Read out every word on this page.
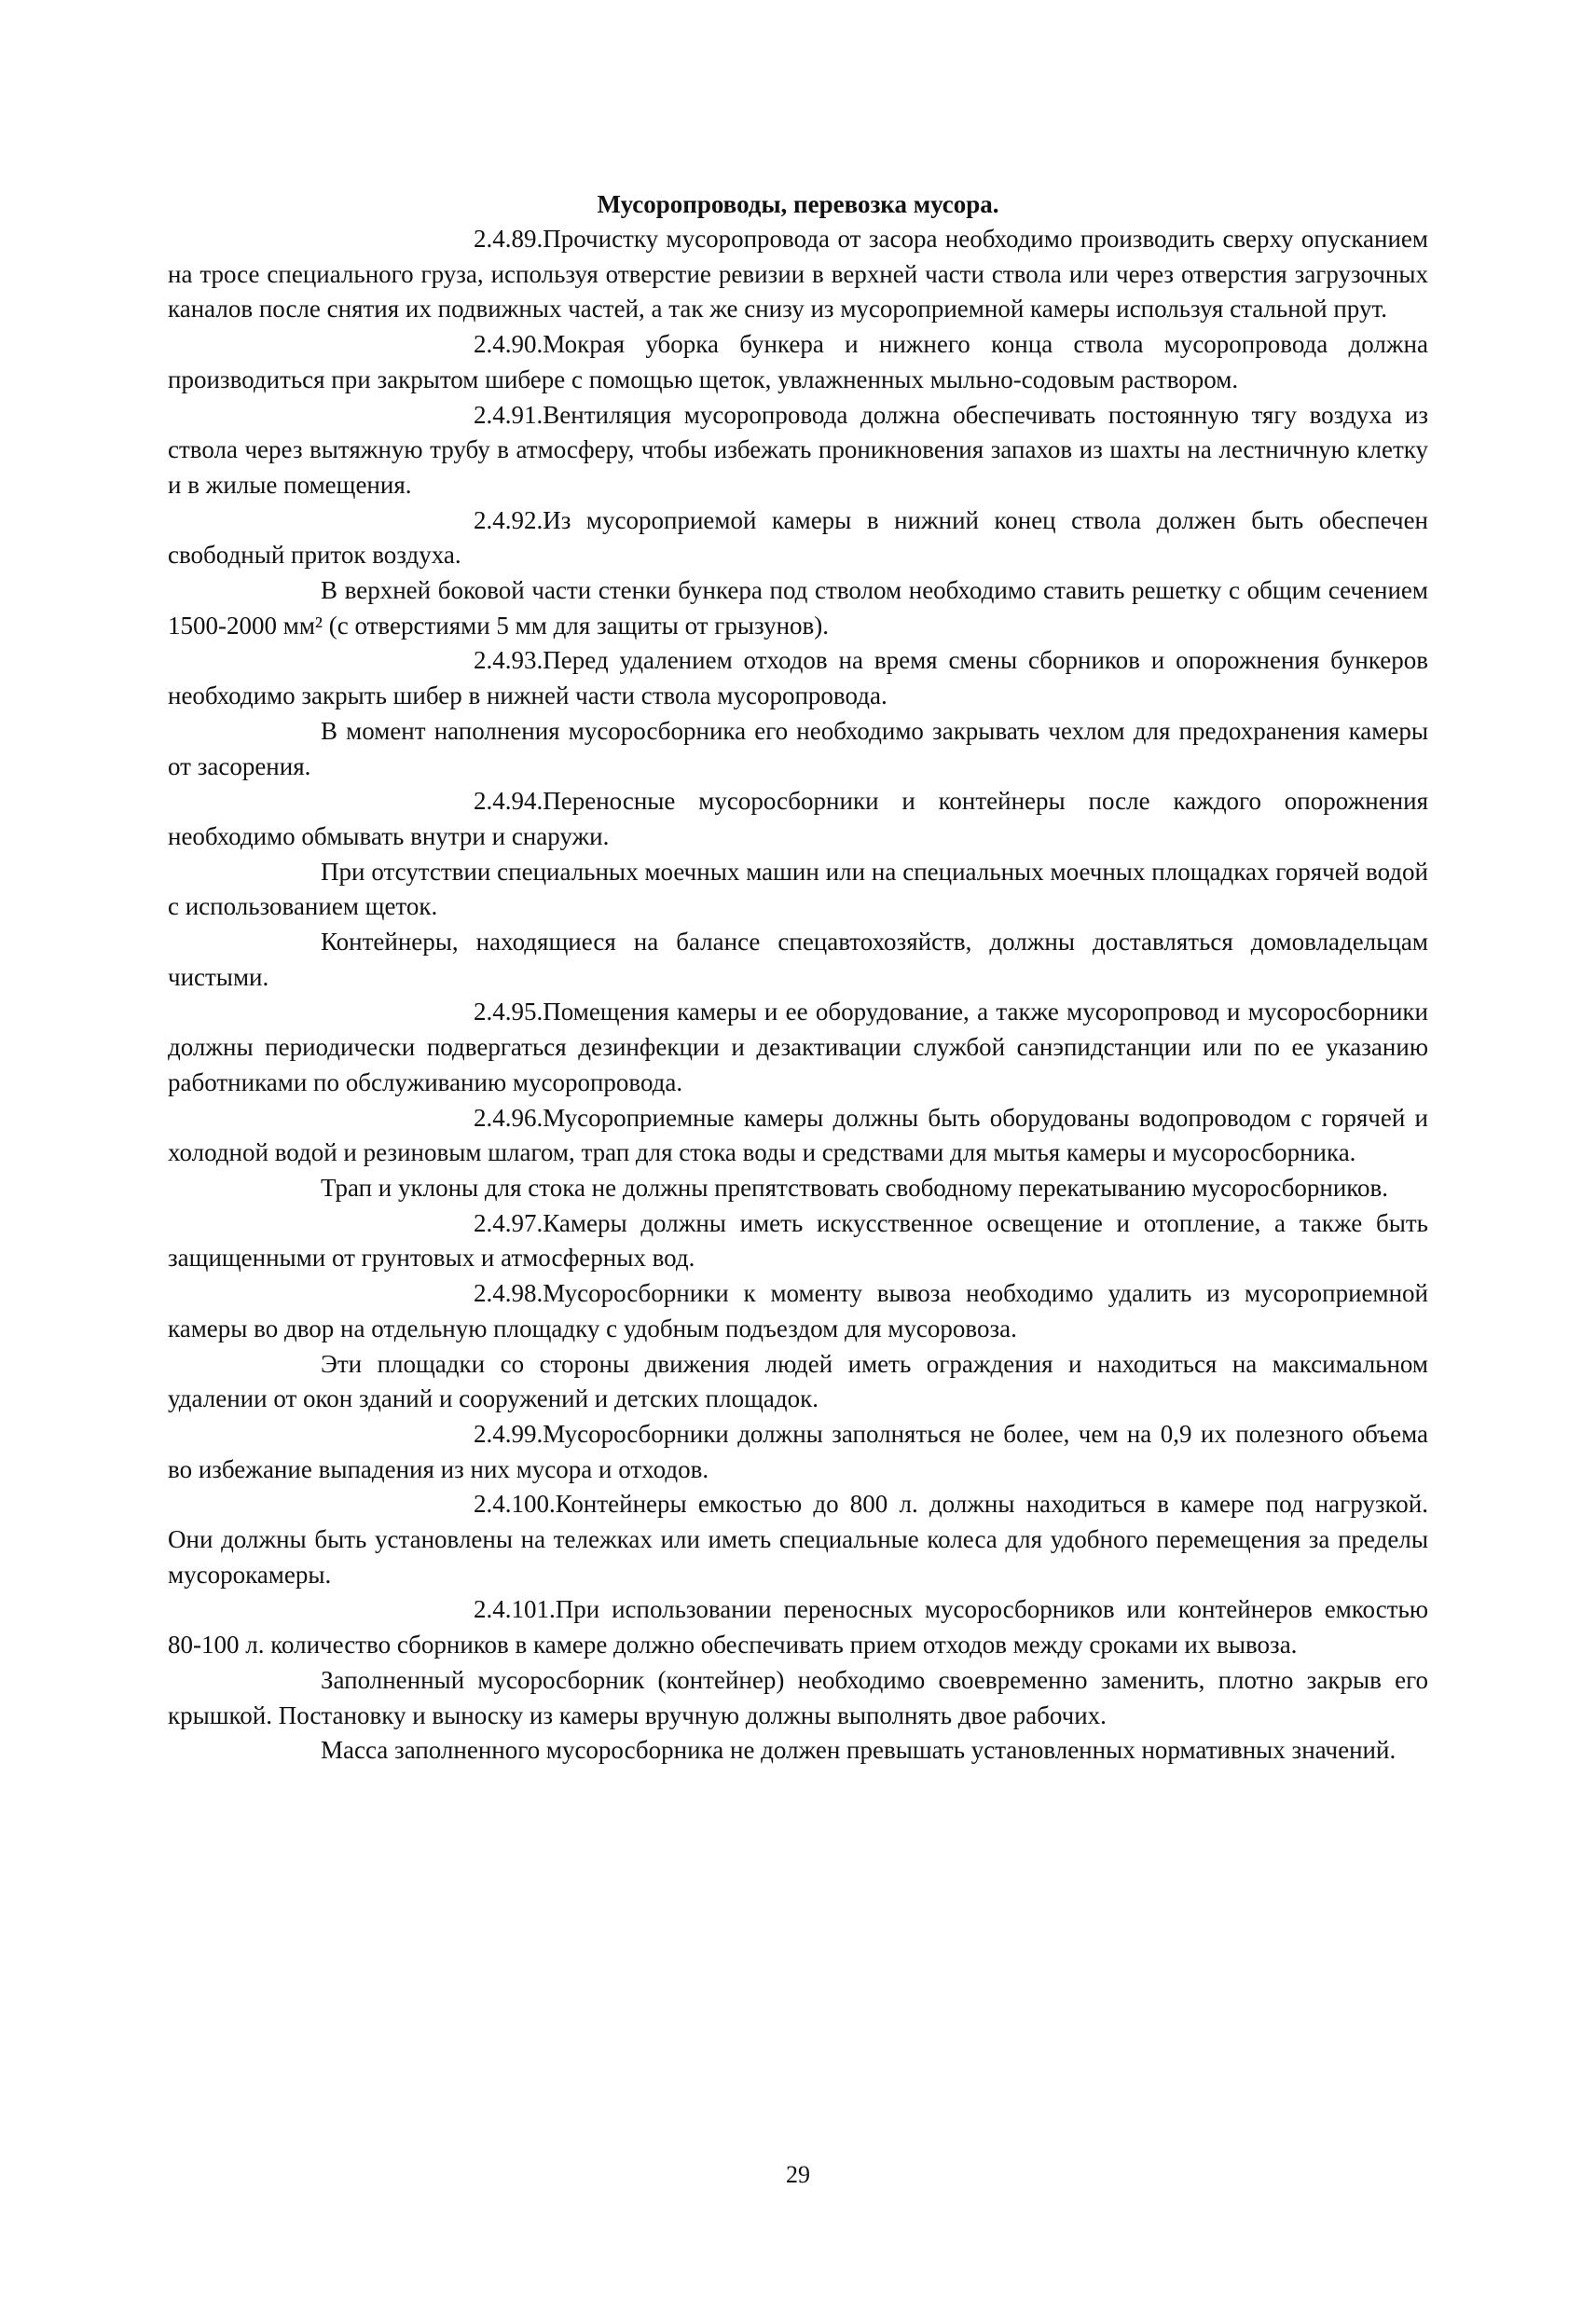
Мусоропроводы, перевозка мусора.

2.4.89.Прочистку мусоропровода от засора необходимо производить сверху опусканием на тросе специального груза, используя отверстие ревизии в верхней части ствола или через отверстия загрузочных каналов после снятия их подвижных частей, а так же снизу из мусороприемной камеры используя стальной прут.

2.4.90.Мокрая уборка бункера и нижнего конца ствола мусоропровода должна производиться при закрытом шибере с помощью щеток, увлажненных мыльно-содовым раствором.

2.4.91.Вентиляция мусоропровода должна обеспечивать постоянную тягу воздуха из ствола через вытяжную трубу в атмосферу, чтобы избежать проникновения запахов из шахты на лестничную клетку и в жилые помещения.

2.4.92.Из мусороприемой камеры в нижний конец ствола должен быть обеспечен свободный приток воздуха.

В верхней боковой части стенки бункера под стволом необходимо ставить решетку с общим сечением 1500-2000 мм² (с отверстиями 5 мм для защиты от грызунов).

2.4.93.Перед удалением отходов на время смены сборников и опорожнения бункеров необходимо закрыть шибер в нижней части ствола мусоропровода.

В момент наполнения мусоросборника его необходимо закрывать чехлом для предохранения камеры от засорения.

2.4.94.Переносные мусоросборники и контейнеры после каждого опорожнения необходимо обмывать внутри и снаружи.

При отсутствии специальных моечных машин или на специальных моечных площадках горячей водой с использованием щеток.

Контейнеры, находящиеся на балансе спецавтохозяйств, должны доставляться домовладельцам чистыми.

2.4.95.Помещения камеры и ее оборудование, а также мусоропровод и мусоросборники должны периодически подвергаться дезинфекции и дезактивации службой санэпидстанции или по ее указанию работниками по обслуживанию мусоропровода.

2.4.96.Мусороприемные камеры должны быть оборудованы водопроводом с горячей и холодной водой и резиновым шлагом, трап для стока воды и средствами для мытья камеры и мусоросборника.

Трап и уклоны для стока не должны препятствовать свободному перекатыванию мусоросборников.

2.4.97.Камеры должны иметь искусственное освещение и отопление, а также быть защищенными от грунтовых и атмосферных вод.

2.4.98.Мусоросборники к моменту вывоза необходимо удалить из мусороприемной камеры во двор на отдельную площадку с удобным подъездом для мусоровоза.

Эти площадки со стороны движения людей иметь ограждения и находиться на максимальном удалении от окон зданий и сооружений и детских площадок.

2.4.99.Мусоросборники должны заполняться не более, чем на 0,9 их полезного объема во избежание выпадения из них мусора и отходов.

2.4.100.Контейнеры емкостью до 800 л. должны находиться в камере под нагрузкой. Они должны быть установлены на тележках или иметь специальные колеса для удобного перемещения за пределы мусорокамеры.

2.4.101.При использовании переносных мусоросборников или контейнеров емкостью 80-100 л. количество сборников в камере должно обеспечивать прием отходов между сроками их вывоза.

Заполненный мусоросборник (контейнер) необходимо своевременно заменить, плотно закрыв его крышкой. Постановку и выноску из камеры вручную должны выполнять двое рабочих.

Масса заполненного мусоросборника не должен превышать установленных нормативных значений.

29
